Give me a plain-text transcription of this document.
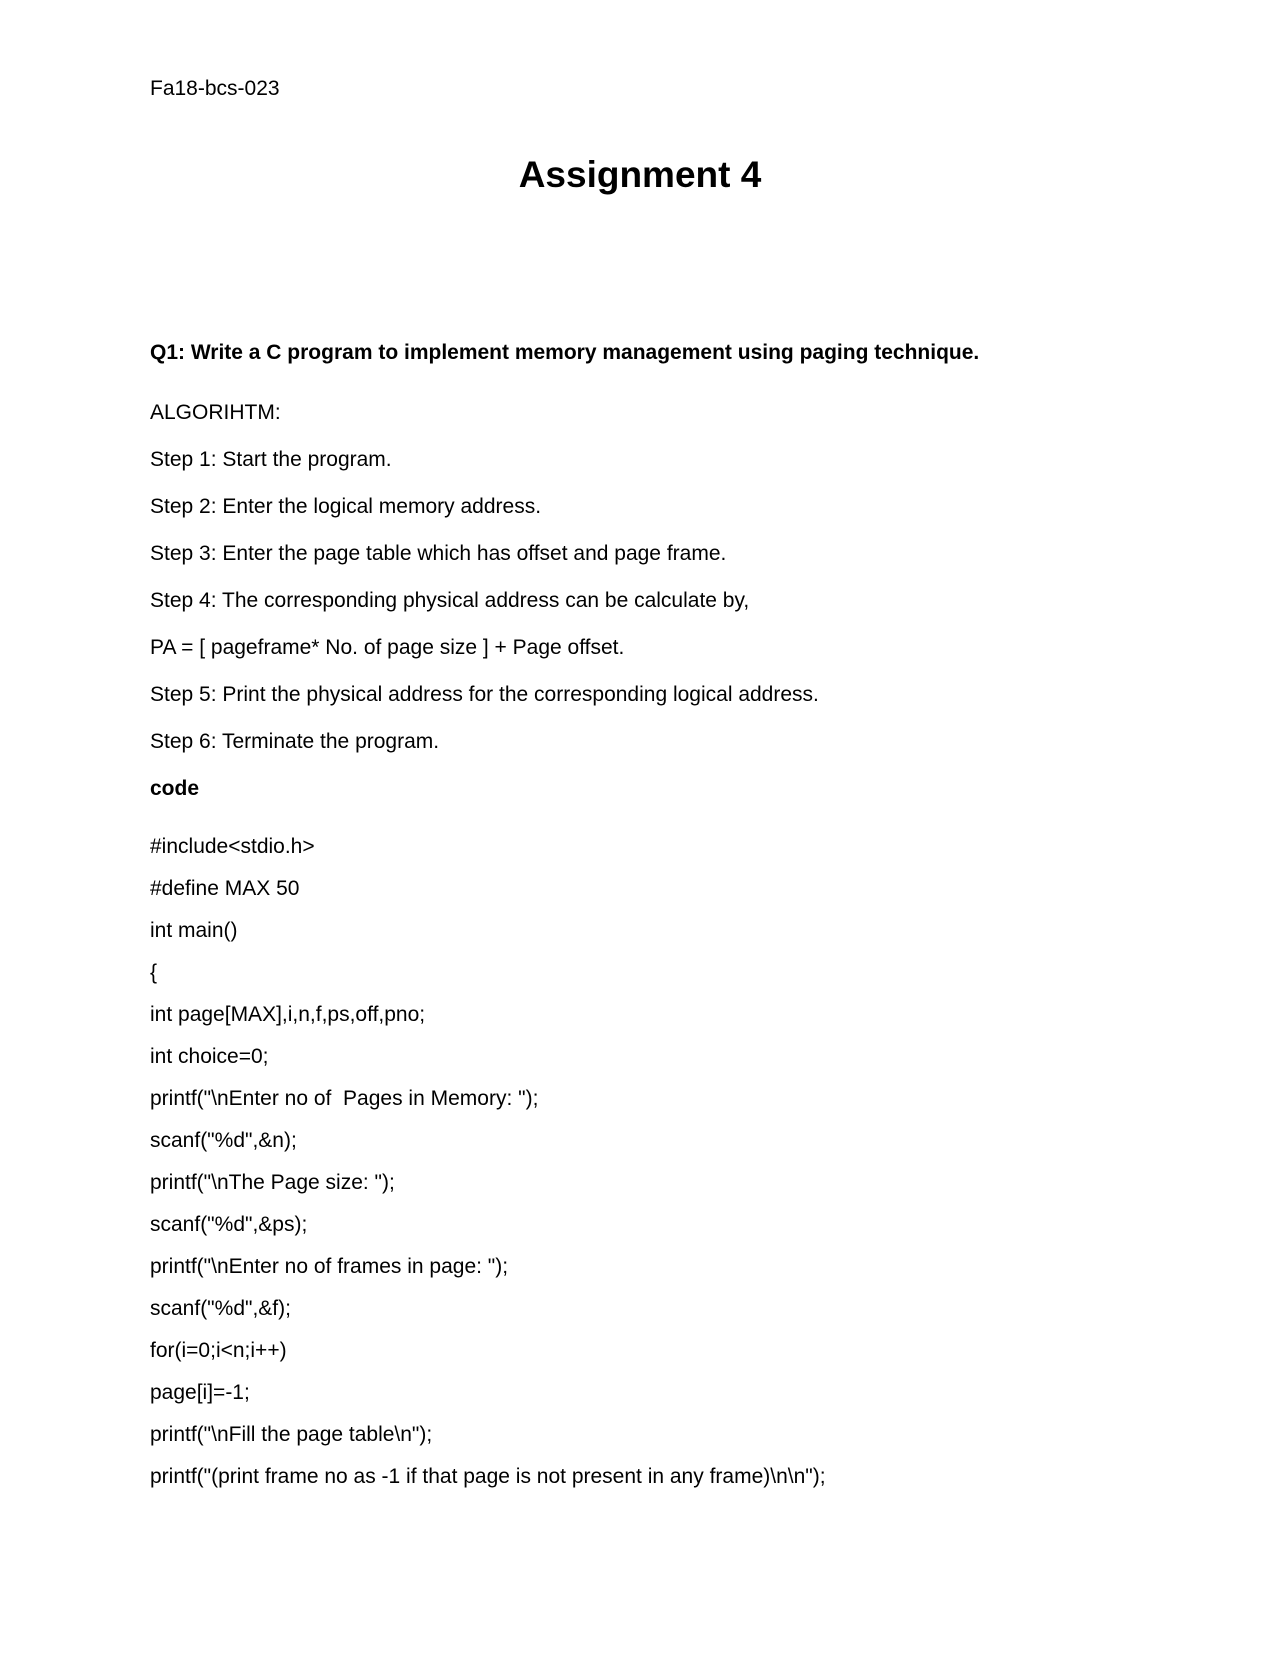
Fa18-bcs-023
Assignment 4
Q1: Write a C program to implement memory management using paging technique.
ALGORIHTM:
Step 1: Start the program.
Step 2: Enter the logical memory address.
Step 3: Enter the page table which has offset and page frame.
Step 4: The corresponding physical address can be calculate by,
PA = [ pageframe* No. of page size ] + Page offset.
Step 5: Print the physical address for the corresponding logical address.
Step 6: Terminate the program.
code
#include<stdio.h>
#define MAX 50
int main()
{
int page[MAX],i,n,f,ps,off,pno;
int choice=0;
printf("\nEnter no of  Pages in Memory: ");
scanf("%d",&n);
printf("\nThe Page size: ");
scanf("%d",&ps);
printf("\nEnter no of frames in page: ");
scanf("%d",&f);
for(i=0;i<n;i++)
page[i]=-1;
printf("\nFill the page table\n");
printf("(print frame no as -1 if that page is not present in any frame)\n\n");
